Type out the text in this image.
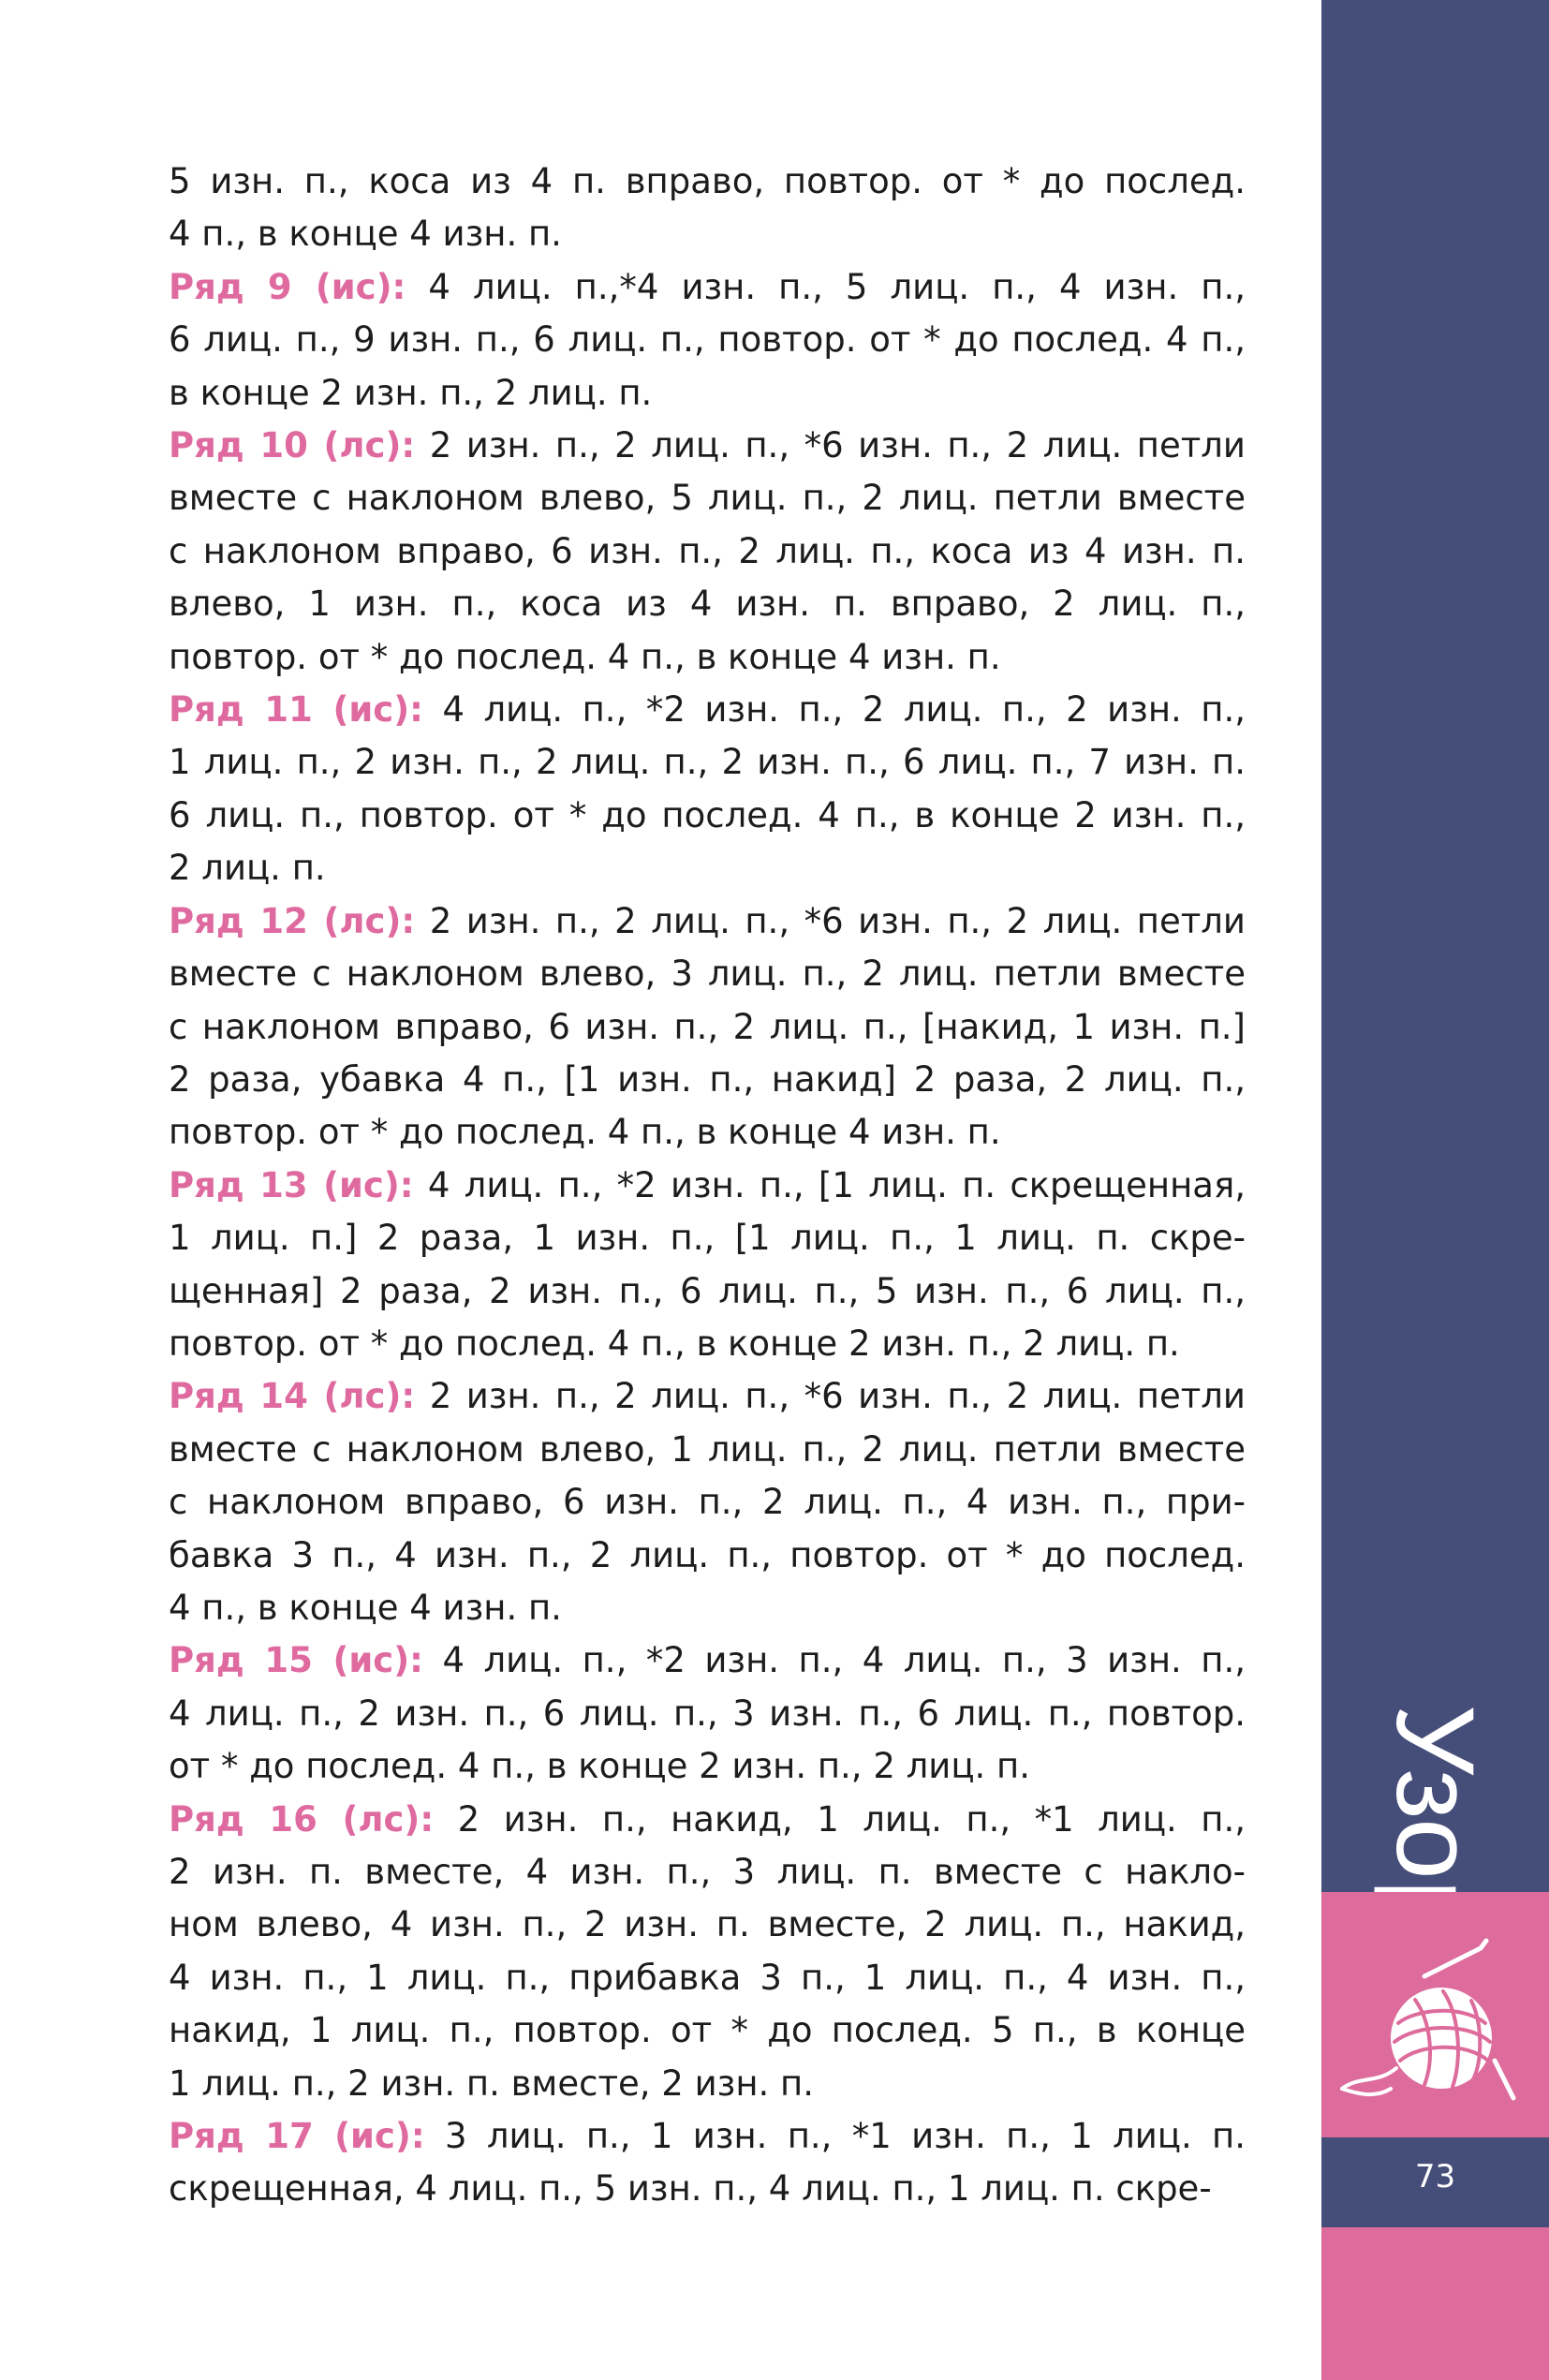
5 изн. п., коса из 4 п. вправо, повтор. от * до послед.
4 п., в конце 4 изн. п.
Ряд 9 (ис): 4 лиц. п.,*4 изн. п., 5 лиц. п., 4 изн. п.,
6 лиц. п., 9 изн. п., 6 лиц. п., повтор. от * до послед. 4 п.,
в конце 2 изн. п., 2 лиц. п.
Ряд 10 (лс): 2 изн. п., 2 лиц. п., *6 изн. п., 2 лиц. петли
вместе с наклоном влево, 5 лиц. п., 2 лиц. петли вместе
с наклоном вправо, 6 изн. п., 2 лиц. п., коса из 4 изн. п.
влево, 1 изн. п., коса из 4 изн. п. вправо, 2 лиц. п.,
повтор. от * до послед. 4 п., в конце 4 изн. п.
Ряд 11 (ис): 4 лиц. п., *2 изн. п., 2 лиц. п., 2 изн. п.,
1 лиц. п., 2 изн. п., 2 лиц. п., 2 изн. п., 6 лиц. п., 7 изн. п.
6 лиц. п., повтор. от * до послед. 4 п., в конце 2 изн. п.,
2 лиц. п.
Ряд 12 (лс): 2 изн. п., 2 лиц. п., *6 изн. п., 2 лиц. петли
вместе с наклоном влево, 3 лиц. п., 2 лиц. петли вместе
с наклоном вправо, 6 изн. п., 2 лиц. п., [накид, 1 изн. п.]
2 раза, убавка 4 п., [1 изн. п., накид] 2 раза, 2 лиц. п.,
повтор. от * до послед. 4 п., в конце 4 изн. п.
Ряд 13 (ис): 4 лиц. п., *2 изн. п., [1 лиц. п. скрещенная,
1 лиц. п.] 2 раза, 1 изн. п., [1 лиц. п., 1 лиц. п. скре-
щенная] 2 раза, 2 изн. п., 6 лиц. п., 5 изн. п., 6 лиц. п.,
повтор. от * до послед. 4 п., в конце 2 изн. п., 2 лиц. п.
Ряд 14 (лс): 2 изн. п., 2 лиц. п., *6 изн. п., 2 лиц. петли
вместе с наклоном влево, 1 лиц. п., 2 лиц. петли вместе
с наклоном вправо, 6 изн. п., 2 лиц. п., 4 изн. п., при-
бавка 3 п., 4 изн. п., 2 лиц. п., повтор. от * до послед.
4 п., в конце 4 изн. п.
Ряд 15 (ис): 4 лиц. п., *2 изн. п., 4 лиц. п., 3 изн. п.,
4 лиц. п., 2 изн. п., 6 лиц. п., 3 изн. п., 6 лиц. п., повтор.
от * до послед. 4 п., в конце 2 изн. п., 2 лиц. п.
Ряд 16 (лс): 2 изн. п., накид, 1 лиц. п., *1 лиц. п.,
2 изн. п. вместе, 4 изн. п., 3 лиц. п. вместе с накло-
ном влево, 4 изн. п., 2 изн. п. вместе, 2 лиц. п., накид,
4 изн. п., 1 лиц. п., прибавка 3 п., 1 лиц. п., 4 изн. п.,
накид, 1 лиц. п., повтор. от * до послед. 5 п., в конце
1 лиц. п., 2 изн. п. вместе, 2 изн. п.
Ряд 17 (ис): 3 лиц. п., 1 изн. п., *1 изн. п., 1 лиц. п.
скрещенная, 4 лиц. п., 5 изн. п., 4 лиц. п., 1 лиц. п. скре-	73
